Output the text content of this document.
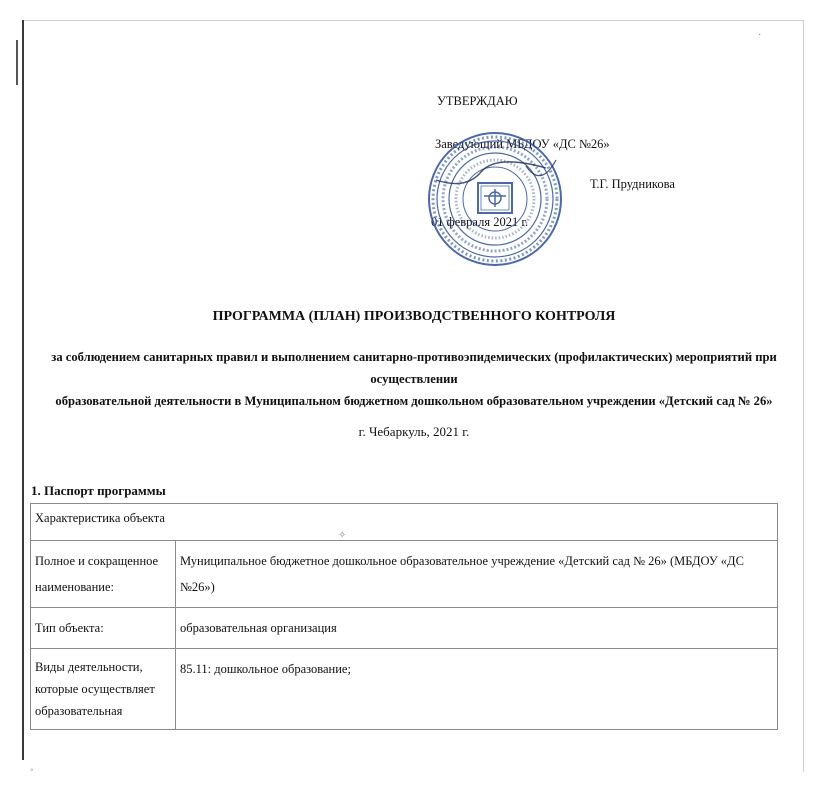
УТВЕРЖДАЮ
Заведующий МБДОУ «ДС №26»
Т.Г. Прудникова
01 февраля 2021 г.
ПРОГРАММА (ПЛАН) ПРОИЗВОДСТВЕННОГО КОНТРОЛЯ
за соблюдением санитарных правил и выполнением санитарно-противоэпидемических (профилактических) мероприятий при осуществлении
образовательной деятельности в Муниципальном бюджетном дошкольном образовательном учреждении «Детский сад № 26»
г. Чебаркуль, 2021 г.
1. Паспорт программы
Характеристика объекта	

Полное и сокращенное
наименование:	Муниципальное бюджетное дошкольное образовательное учреждение «Детский сад № 26» (МБДОУ «ДС №26»)

Тип объекта:	образовательная организация

Виды деятельности,
которые осуществляет
образовательная	85.11: дошкольное образование;
✧
◦
·
